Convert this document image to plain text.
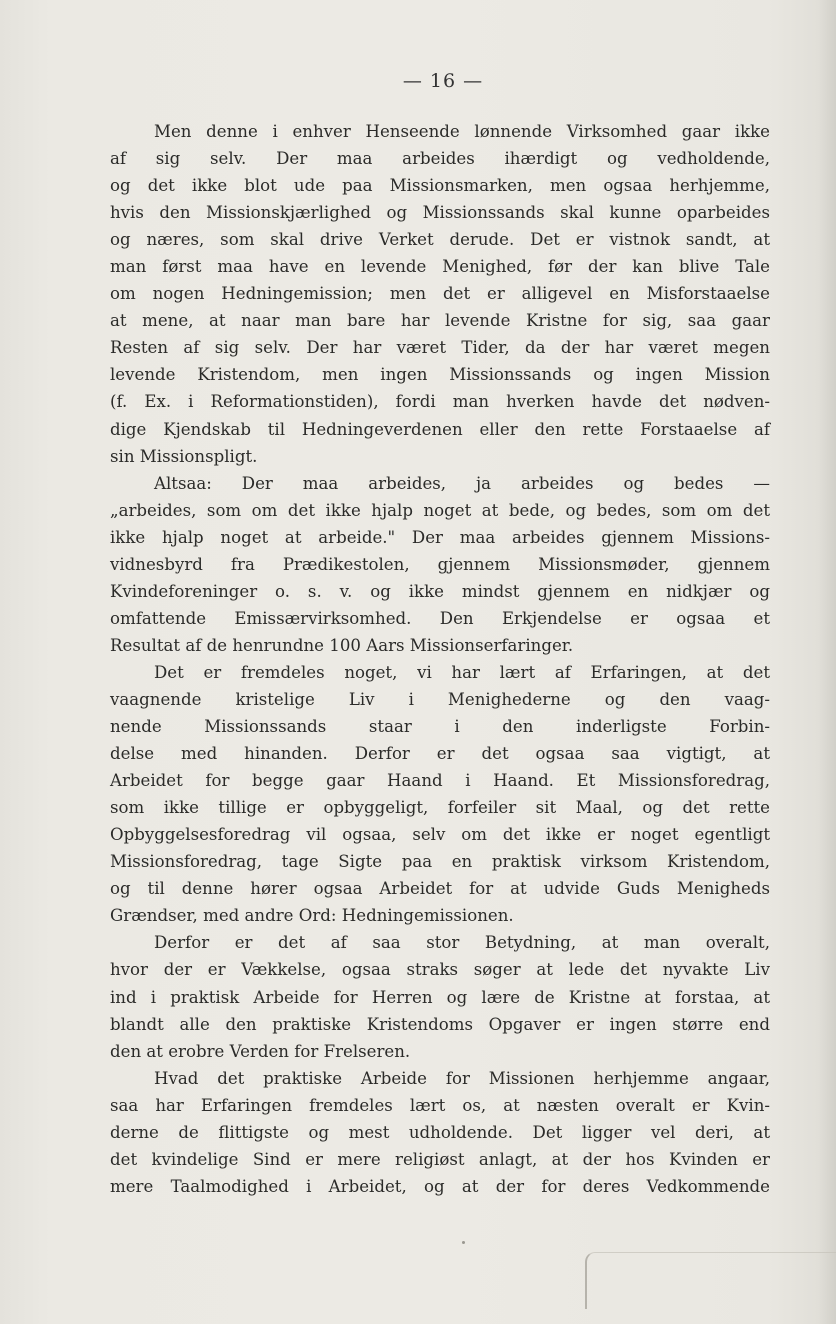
— 16 —
Men denne i enhver Henseende lønnende Virksomhed gaar ikke
af sig selv. Der maa arbeides ihærdigt og vedholdende,
og det ikke blot ude paa Missionsmarken, men ogsaa herhjemme,
hvis den Missionskjærlighed og Missionssands skal kunne oparbeides
og næres, som skal drive Verket derude. Det er vistnok sandt, at
man først maa have en levende Menighed, før der kan blive Tale
om nogen Hedningemission; men det er alligevel en Misforstaaelse
at mene, at naar man bare har levende Kristne for sig, saa gaar
Resten af sig selv. Der har været Tider, da der har været megen
levende Kristendom, men ingen Missionssands og ingen Mission
(f. Ex. i Reformationstiden), fordi man hverken havde det nødven-
dige Kjendskab til Hedningeverdenen eller den rette Forstaaelse af
sin Missionspligt.
Altsaa: Der maa arbeides, ja arbeides og bedes —
„arbeides, som om det ikke hjalp noget at bede, og bedes, som om det
ikke hjalp noget at arbeide." Der maa arbeides gjennem Missions-
vidnesbyrd fra Prædikestolen, gjennem Missionsmøder, gjennem
Kvindeforeninger o. s. v. og ikke mindst gjennem en nidkjær og
omfattende Emissærvirksomhed. Den Erkjendelse er ogsaa et
Resultat af de henrundne 100 Aars Missionserfaringer.
Det er fremdeles noget, vi har lært af Erfaringen, at det
vaagnende kristelige Liv i Menighederne og den vaag-
nende Missionssands staar i den inderligste Forbin-
delse med hinanden. Derfor er det ogsaa saa vigtigt, at
Arbeidet for begge gaar Haand i Haand. Et Missionsforedrag,
som ikke tillige er opbyggeligt, forfeiler sit Maal, og det rette
Opbyggelsesforedrag vil ogsaa, selv om det ikke er noget egentligt
Missionsforedrag, tage Sigte paa en praktisk virksom Kristendom,
og til denne hører ogsaa Arbeidet for at udvide Guds Menigheds
Grændser, med andre Ord: Hedningemissionen.
Derfor er det af saa stor Betydning, at man overalt,
hvor der er Vækkelse, ogsaa straks søger at lede det nyvakte Liv
ind i praktisk Arbeide for Herren og lære de Kristne at forstaa, at
blandt alle den praktiske Kristendoms Opgaver er ingen større end
den at erobre Verden for Frelseren.
Hvad det praktiske Arbeide for Missionen herhjemme angaar,
saa har Erfaringen fremdeles lært os, at næsten overalt er Kvin-
derne de flittigste og mest udholdende. Det ligger vel deri, at
det kvindelige Sind er mere religiøst anlagt, at der hos Kvinden er
mere Taalmodighed i Arbeidet, og at der for deres Vedkommende
